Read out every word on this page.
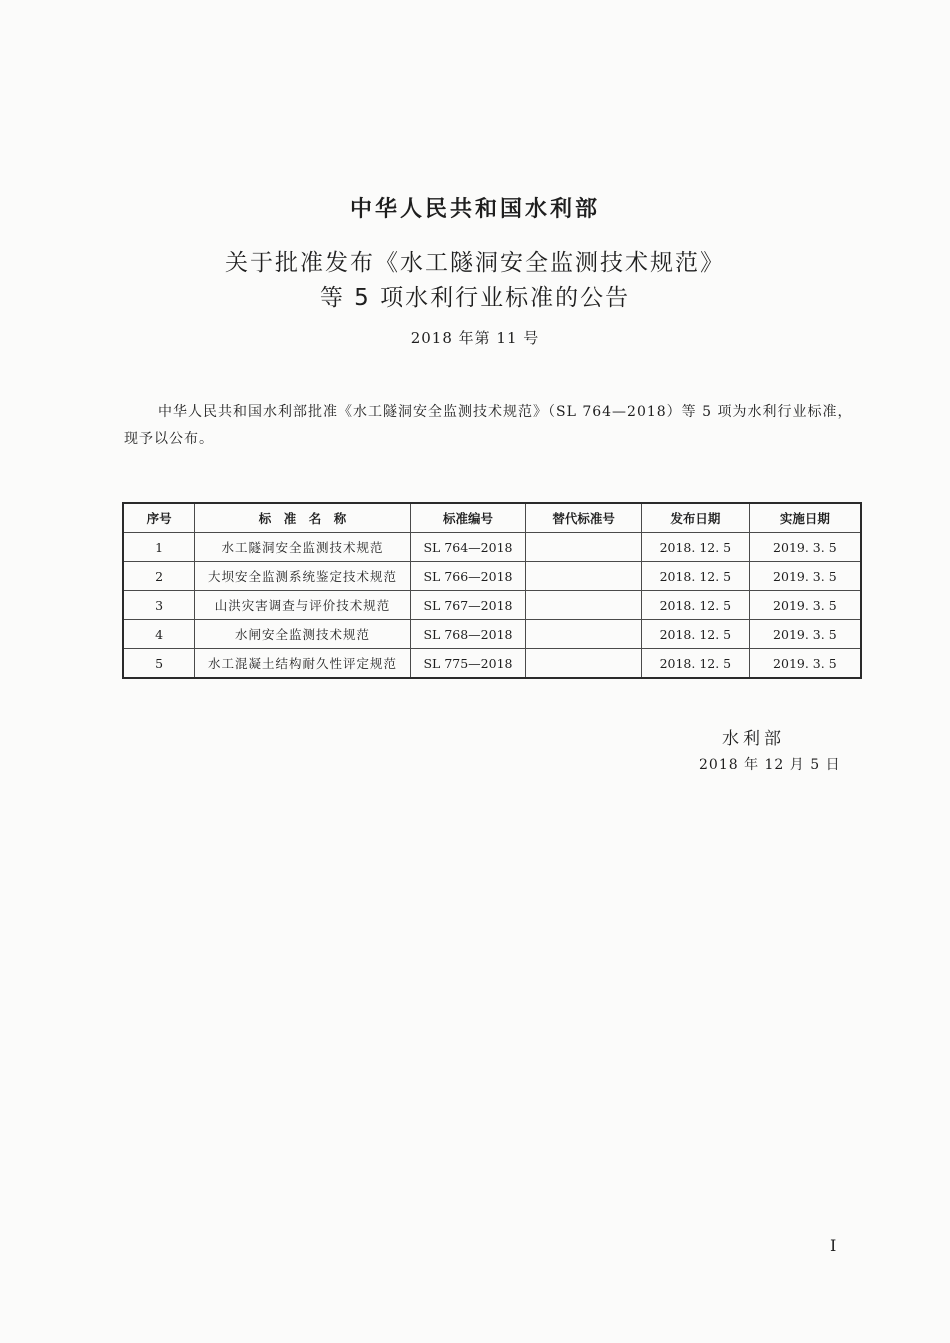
中华人民共和国水利部
关于批准发布《水工隧洞安全监测技术规范》
等 5 项水利行业标准的公告
2018 年第 11 号
中华人民共和国水利部批准《水工隧洞安全监测技术规范》（SL 764—2018）等 5 项为水利行业标准，现予以公布。
序号	标　准　名　称	标准编号	替代标准号	发布日期	实施日期
1	水工隧洞安全监测技术规范	SL 764—2018		2018. 12. 5	2019. 3. 5
2	大坝安全监测系统鉴定技术规范	SL 766—2018		2018. 12. 5	2019. 3. 5
3	山洪灾害调查与评价技术规范	SL 767—2018		2018. 12. 5	2019. 3. 5
4	水闸安全监测技术规范	SL 768—2018		2018. 12. 5	2019. 3. 5
5	水工混凝土结构耐久性评定规范	SL 775—2018		2018. 12. 5	2019. 3. 5
水利部
2018 年 12 月 5 日
I
